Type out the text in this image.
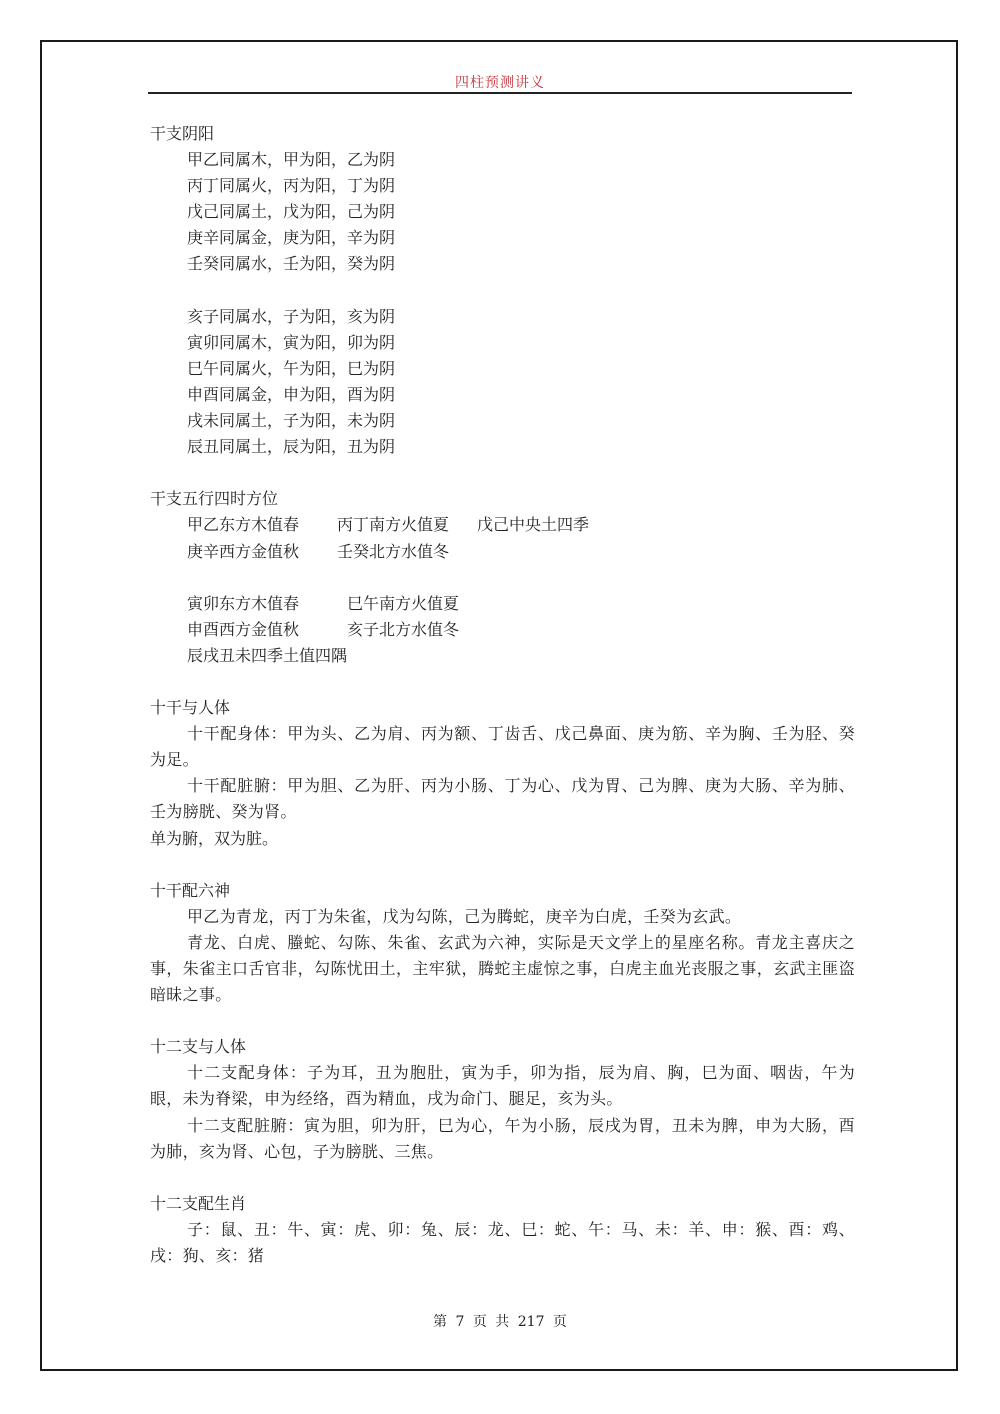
四柱预测讲义
干支阴阳
甲乙同属木，甲为阳，乙为阴
丙丁同属火，丙为阳，丁为阴
戊己同属土，戊为阳，己为阴
庚辛同属金，庚为阳，辛为阴
壬癸同属水，壬为阳，癸为阴
亥子同属水，子为阳，亥为阴
寅卯同属木，寅为阳，卯为阴
巳午同属火，午为阳，巳为阴
申酉同属金，申为阳，酉为阴
戌未同属土，子为阳，未为阴
辰丑同属土，辰为阳，丑为阴
干支五行四时方位
甲乙东方木值春 丙丁南方火值夏 戊己中央土四季
庚辛西方金值秋 壬癸北方水值冬
寅卯东方木值春	巳午南方火值夏
申酉西方金值秋	亥子北方水值冬
辰戌丑未四季土值四隅
十干与人体
十干配身体：甲为头、乙为肩、丙为额、丁齿舌、戊己鼻面、庚为筋、辛为胸、壬为胫、癸为足。
十干配脏腑：甲为胆、乙为肝、丙为小肠、丁为心、戊为胃、己为脾、庚为大肠、辛为肺、壬为膀胱、癸为肾。
单为腑，双为脏。
十干配六神
甲乙为青龙，丙丁为朱雀，戊为勾陈，己为腾蛇，庚辛为白虎，壬癸为玄武。
青龙、白虎、螣蛇、勾陈、朱雀、玄武为六神，实际是天文学上的星座名称。青龙主喜庆之事，朱雀主口舌官非，勾陈忧田土，主牢狱，腾蛇主虚惊之事，白虎主血光丧服之事，玄武主匪盗暗昧之事。
十二支与人体
十二支配身体：子为耳，丑为胞肚，寅为手，卯为指，辰为肩、胸，巳为面、咽齿，午为眼，未为脊梁，申为经络，酉为精血，戌为命门、腿足，亥为头。
十二支配脏腑：寅为胆，卯为肝，巳为心，午为小肠，辰戌为胃，丑未为脾，申为大肠，酉为肺，亥为肾、心包，子为膀胱、三焦。
十二支配生肖
子：鼠、丑：牛、寅：虎、卯：兔、辰：龙、巳：蛇、午：马、未：羊、申：猴、酉：鸡、戌：狗、亥：猪
第 7 页 共 217 页
